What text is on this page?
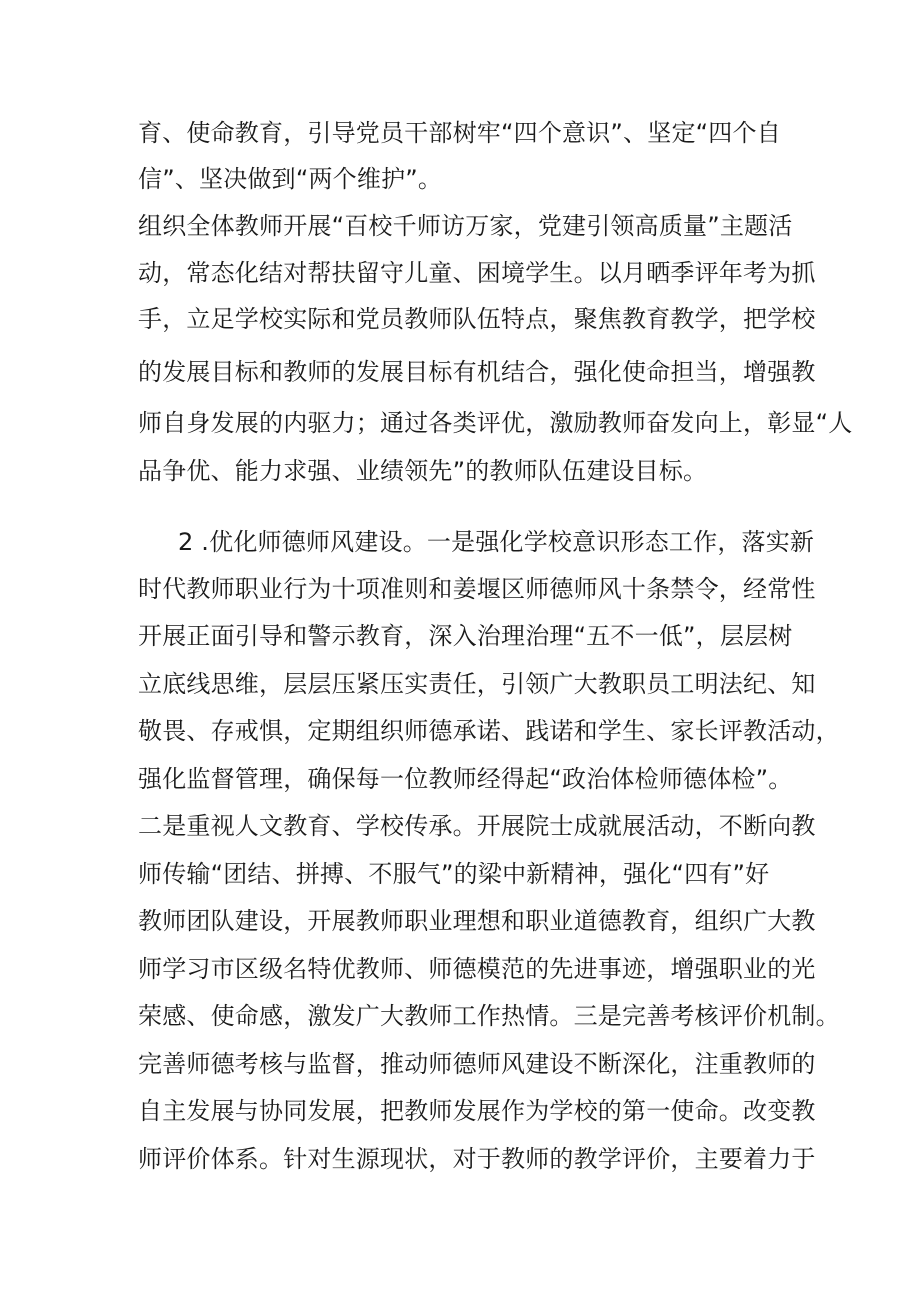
育、使命教育，引导党员干部树牢“四个意识”、坚定“四个自
信”、坚决做到“两个维护”。
组织全体教师开展“百校千师访万家，党建引领高质量”主题活
动，常态化结对帮扶留守儿童、困境学生。以月晒季评年考为抓
手，立足学校实际和党员教师队伍特点，聚焦教育教学，把学校
的发展目标和教师的发展目标有机结合，强化使命担当，增强教
师自身发展的内驱力；通过各类评优，激励教师奋发向上，彰显“人
品争优、能力求强、业绩领先”的教师队伍建设目标。
2 .优化师德师风建设。一是强化学校意识形态工作，落实新
时代教师职业行为十项准则和姜堰区师德师风十条禁令，经常性
开展正面引导和警示教育，深入治理治理“五不一低”，层层树
立底线思维，层层压紧压实责任，引领广大教职员工明法纪、知
敬畏、存戒惧，定期组织师德承诺、践诺和学生、家长评教活动，
强化监督管理，确保每一位教师经得起“政治体检师德体检”。
二是重视人文教育、学校传承。开展院士成就展活动，不断向教
师传输“团结、拼搏、不服气”的梁中新精神，强化“四有”好
教师团队建设，开展教师职业理想和职业道德教育，组织广大教
师学习市区级名特优教师、师德模范的先进事迹，增强职业的光
荣感、使命感，激发广大教师工作热情。三是完善考核评价机制。
完善师德考核与监督，推动师德师风建设不断深化，注重教师的
自主发展与协同发展，把教师发展作为学校的第一使命。改变教
师评价体系。针对生源现状，对于教师的教学评价，主要着力于
